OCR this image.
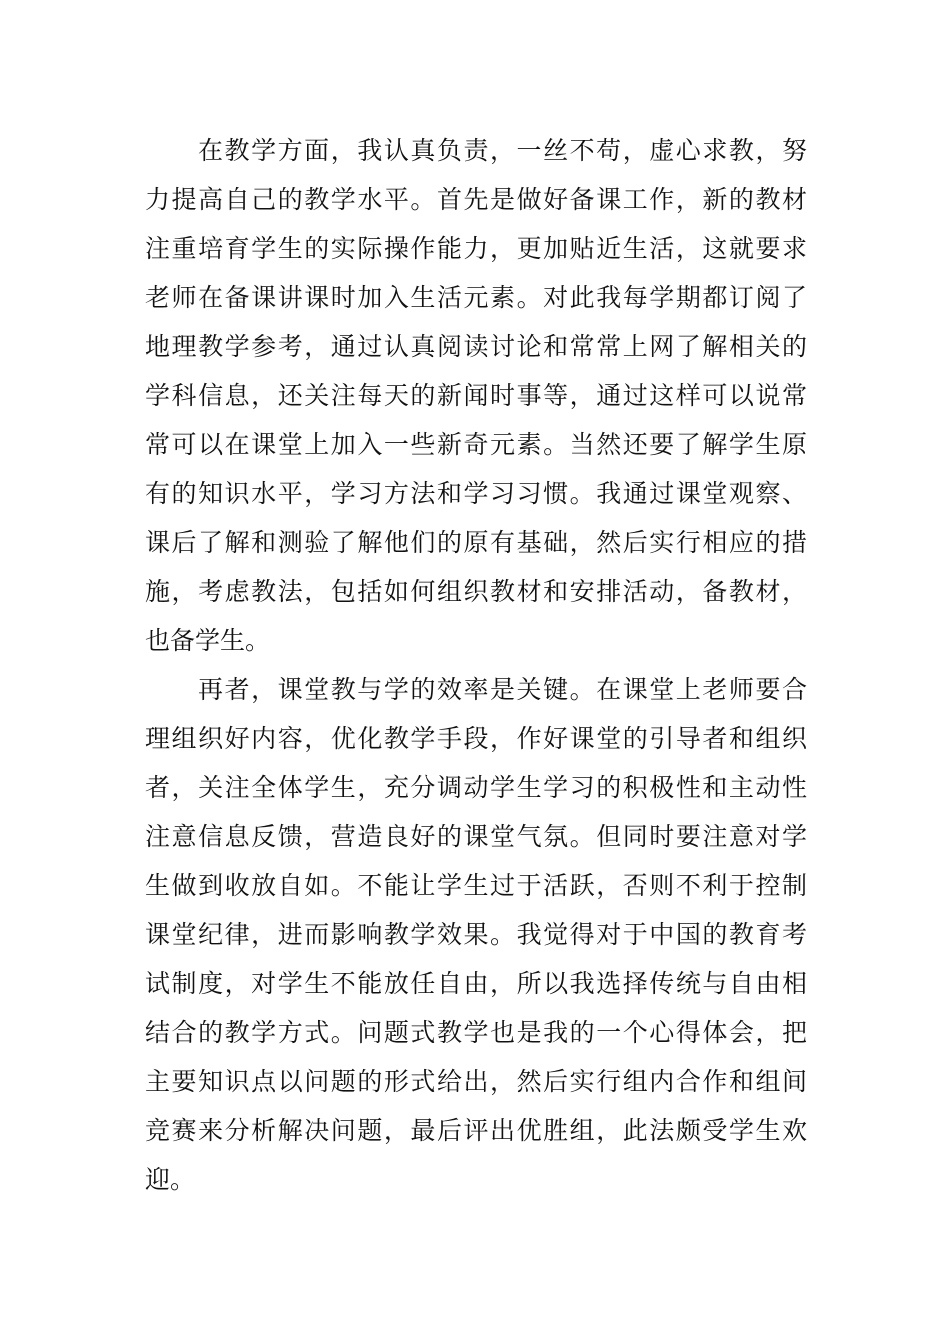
在教学方面，我认真负责，一丝不苟，虚心求教，努
力提高自己的教学水平。首先是做好备课工作，新的教材
注重培育学生的实际操作能力，更加贴近生活，这就要求
老师在备课讲课时加入生活元素。对此我每学期都订阅了
地理教学参考，通过认真阅读讨论和常常上网了解相关的
学科信息，还关注每天的新闻时事等，通过这样可以说常
常可以在课堂上加入一些新奇元素。当然还要了解学生原
有的知识水平，学习方法和学习习惯。我通过课堂观察、
课后了解和测验了解他们的原有基础，然后实行相应的措
施，考虑教法，包括如何组织教材和安排活动，备教材，
也备学生。
再者，课堂教与学的效率是关键。在课堂上老师要合
理组织好内容，优化教学手段，作好课堂的引导者和组织
者，关注全体学生，充分调动学生学习的积极性和主动性
注意信息反馈，营造良好的课堂气氛。但同时要注意对学
生做到收放自如。不能让学生过于活跃，否则不利于控制
课堂纪律，进而影响教学效果。我觉得对于中国的教育考
试制度，对学生不能放任自由，所以我选择传统与自由相
结合的教学方式。问题式教学也是我的一个心得体会，把
主要知识点以问题的形式给出，然后实行组内合作和组间
竞赛来分析解决问题，最后评出优胜组，此法颇受学生欢
迎。
